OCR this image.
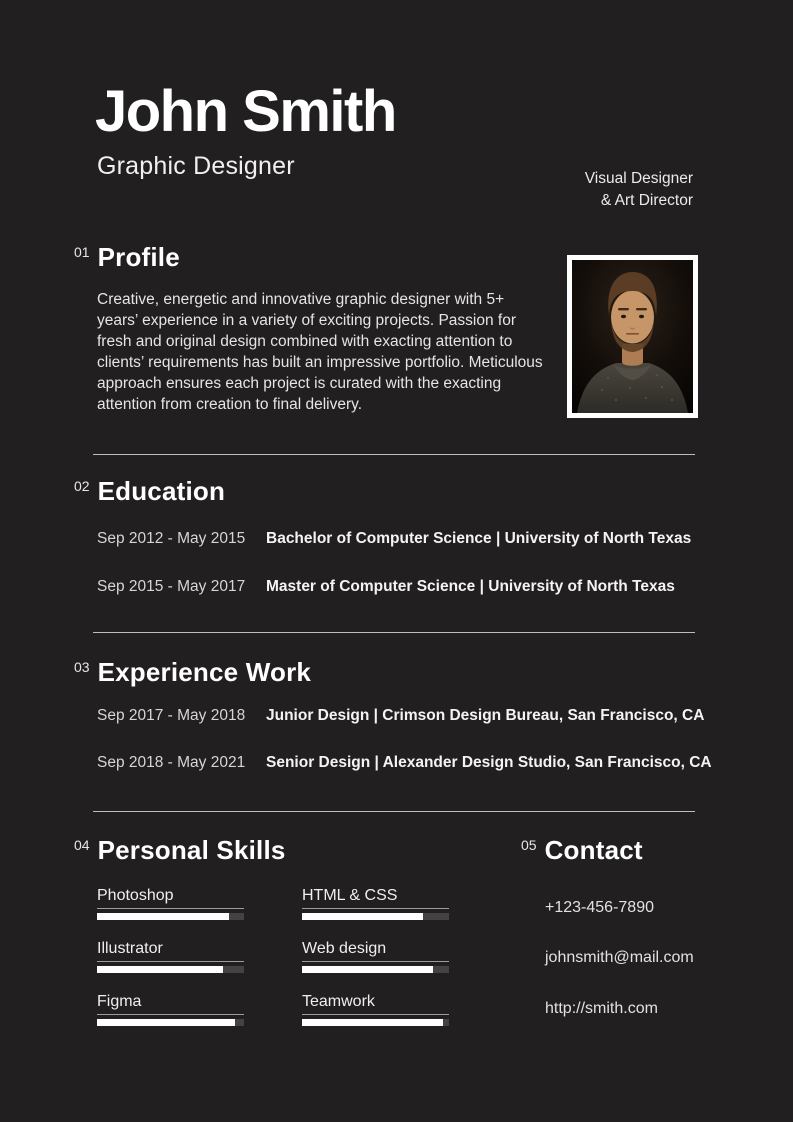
John Smith
Graphic Designer	Visual Designer
& Art Director
01 Profile
Creative, energetic and innovative graphic designer with 5+ years’ experience in a variety of exciting projects. Passion for fresh and original design combined with exacting attention to clients’ requirements has built an impressive portfolio. Meticulous approach ensures each project is curated with the exacting attention from creation to final delivery.
02 Education
Sep 2012 - May 2015 Bachelor of Computer Science | University of North Texas
Sep 2015 - May 2017 Master of Computer Science | University of North Texas
03 Experience Work
Sep 2017 - May 2018 Junior Design | Crimson Design Bureau, San Francisco, CA
Sep 2018 - May 2021 Senior Design | Alexander Design Studio, San Francisco, CA
04 Personal Skills
Photoshop	HTML & CSS
Illustrator	Web design
Figma	Teamwork
05 Contact
+123-456-7890
johnsmith@mail.com
http://smith.com
